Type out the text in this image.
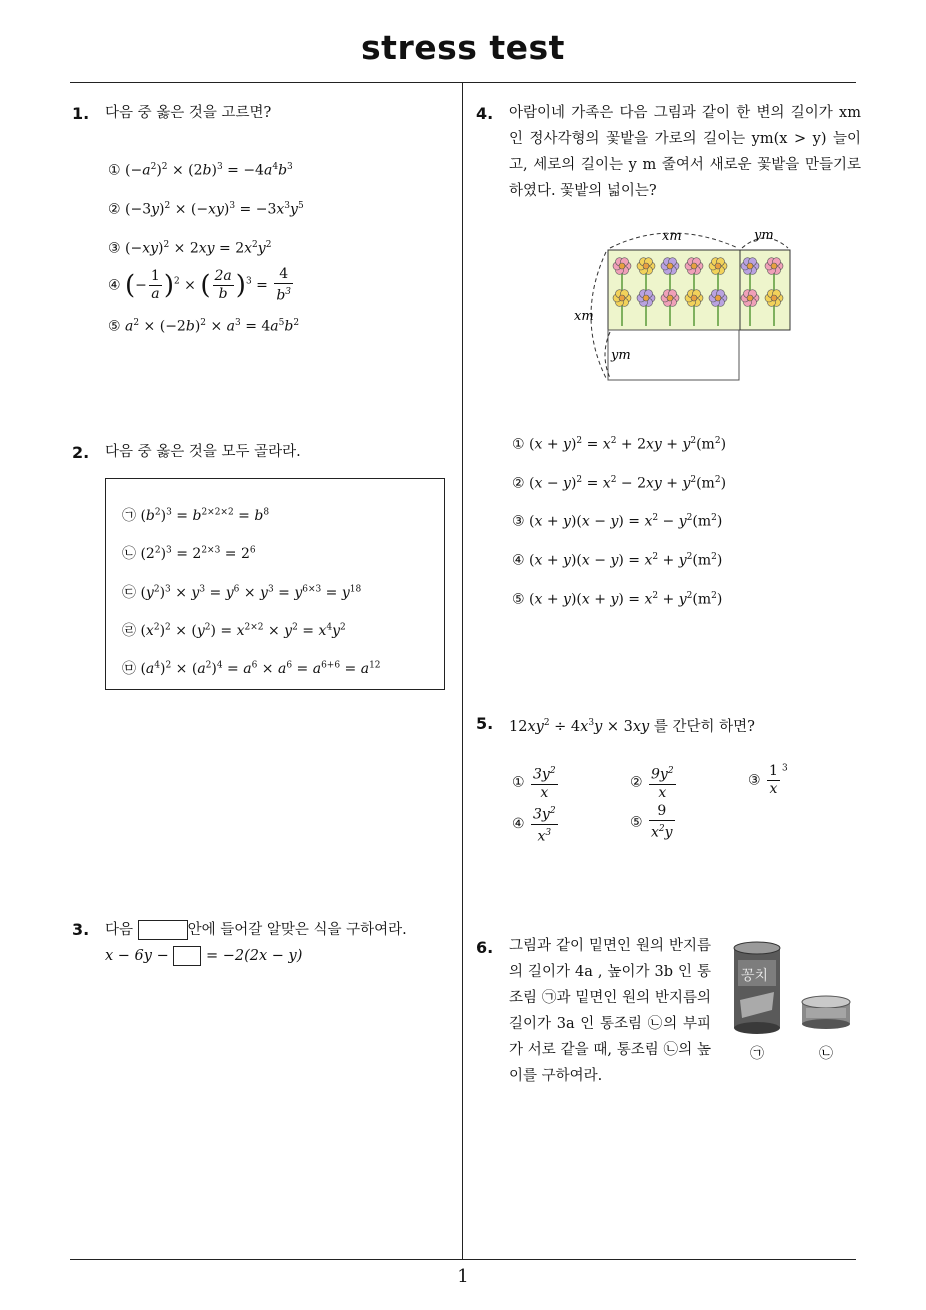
stress test
1. 다음 중 옳은 것을 고르면?
① $(-a^2)^2 \times (2b)^3 = -4a^4b^3$
② $(-3y)^2 \times (-xy)^3 = -3x^3y^5$
③ $(-xy)^2 \times 2xy = 2x^2y^2$
④ (− $\frac{1}{a} )^2$ × ( $\frac{2a}{b} )^3 = \frac{4}{b^3}$
⑤ $a^2 \times (-2b)^2 \times a^3 = 4a^5b^2$
2. 다음 중 옳은 것을 모두 골라라.
㉠ $(b^2)^3 = b^{2\times 2\times 2} = b^8$
㉡ $(2^2)^3 = 2^{2\times 3} = 2^6$
㉢ $(y^2)^3 \times y^3 = y^6 \times y^3 = y^{6\times 3} = y^{18}$
㉣ $(x^2)^2 \times (y^2) = x^{2\times 2} \times y^2 = x^4y^2$
㉤ $(a^4)^2 \times (a^2)^4 = a^6 \times a^6 = a^{6+6} = a^{12}$
3. 다음	안에 들어갈 알맞은 식을 구하여라.
x − 6y −	= −2(2x − y)
4. 아람이네 가족은 다음 그림과 같이 한 변의 길이가 xm 인 정사각형의 꽃밭을 가로의 길이는 ym(x > y) 늘이고, 세로의 길이는 y m 줄여서 새로운 꽃밭을 만들기로 하였다. 꽃밭의 넓이는?
xm	ym
xm
ym
① $(x + y)^2 = x^2 + 2xy + y^2(m^2)$
② $(x - y)^2 = x^2 - 2xy + y^2(m^2)$
③ $(x + y)(x - y) = x^2 - y^2(m^2)$
④ $(x + y)(x - y) = x^2 + y^2(m^2)$
⑤ $(x + y)(x + y) = x^2 + y^2(m^2)$
5. $12xy^2 \div 4x^3y \times 3xy$ 를 간단히 하면?
① $\frac{3y^2}{x}$	② $\frac{9y^2}{x}$	③ $\frac{1}{x} ^3$
④ $\frac{3y^2}{x^3}$	⑤ $\frac{9}{x^2y}$
6. 그림과 같이 밑면인 원의 반지름의 길이가 4a , 높이가 3b 인 통조림 ㉠과 밑면인 원의 반지름의 길이가 3a 인 통조림 ㉡의 부피가 서로 같을 때, 통조림 ㉡의 높이를 구하여라.
꽁치
㉠	㉡
1
